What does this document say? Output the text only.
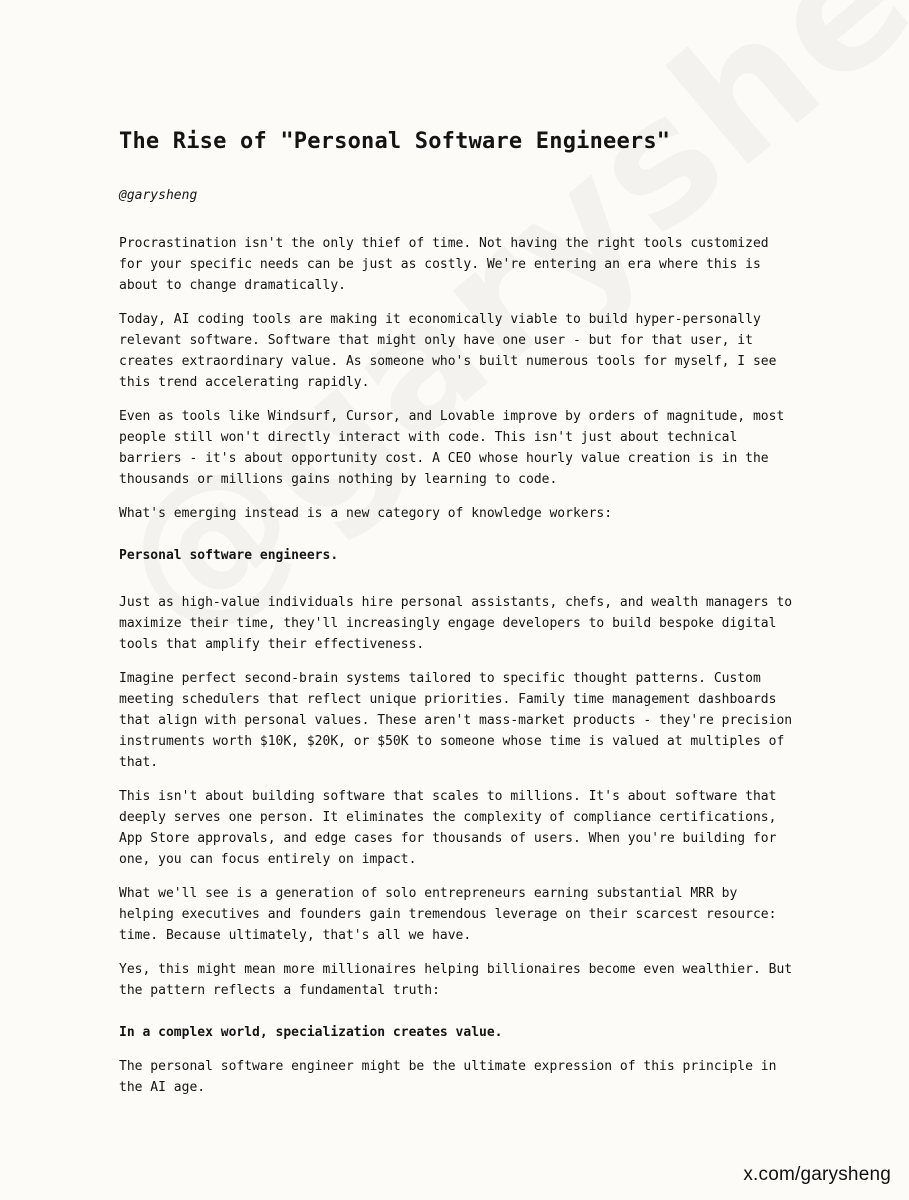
The Rise of "Personal Software Engineers"
@garysheng

Procrastination isn't the only thief of time. Not having the right tools customized for your specific needs can be just as costly. We're entering an era where this is about to change dramatically.

Today, AI coding tools are making it economically viable to build hyper-personally relevant software. Software that might only have one user - but for that user, it creates extraordinary value. As someone who's built numerous tools for myself, I see this trend accelerating rapidly.

Even as tools like Windsurf, Cursor, and Lovable improve by orders of magnitude, most people still won't directly interact with code. This isn't just about technical barriers - it's about opportunity cost. A CEO whose hourly value creation is in the thousands or millions gains nothing by learning to code.

What's emerging instead is a new category of knowledge workers:

Personal software engineers.

Just as high-value individuals hire personal assistants, chefs, and wealth managers to maximize their time, they'll increasingly engage developers to build bespoke digital tools that amplify their effectiveness.

Imagine perfect second-brain systems tailored to specific thought patterns. Custom meeting schedulers that reflect unique priorities. Family time management dashboards that align with personal values. These aren't mass-market products - they're precision instruments worth $10K, $20K, or $50K to someone whose time is valued at multiples of that.

This isn't about building software that scales to millions. It's about software that deeply serves one person. It eliminates the complexity of compliance certifications, App Store approvals, and edge cases for thousands of users. When you're building for one, you can focus entirely on impact.

What we'll see is a generation of solo entrepreneurs earning substantial MRR by helping executives and founders gain tremendous leverage on their scarcest resource: time. Because ultimately, that's all we have.

Yes, this might mean more millionaires helping billionaires become even wealthier. But the pattern reflects a fundamental truth:

In a complex world, specialization creates value.

The personal software engineer might be the ultimate expression of this principle in the AI age.

x.com/garysheng
